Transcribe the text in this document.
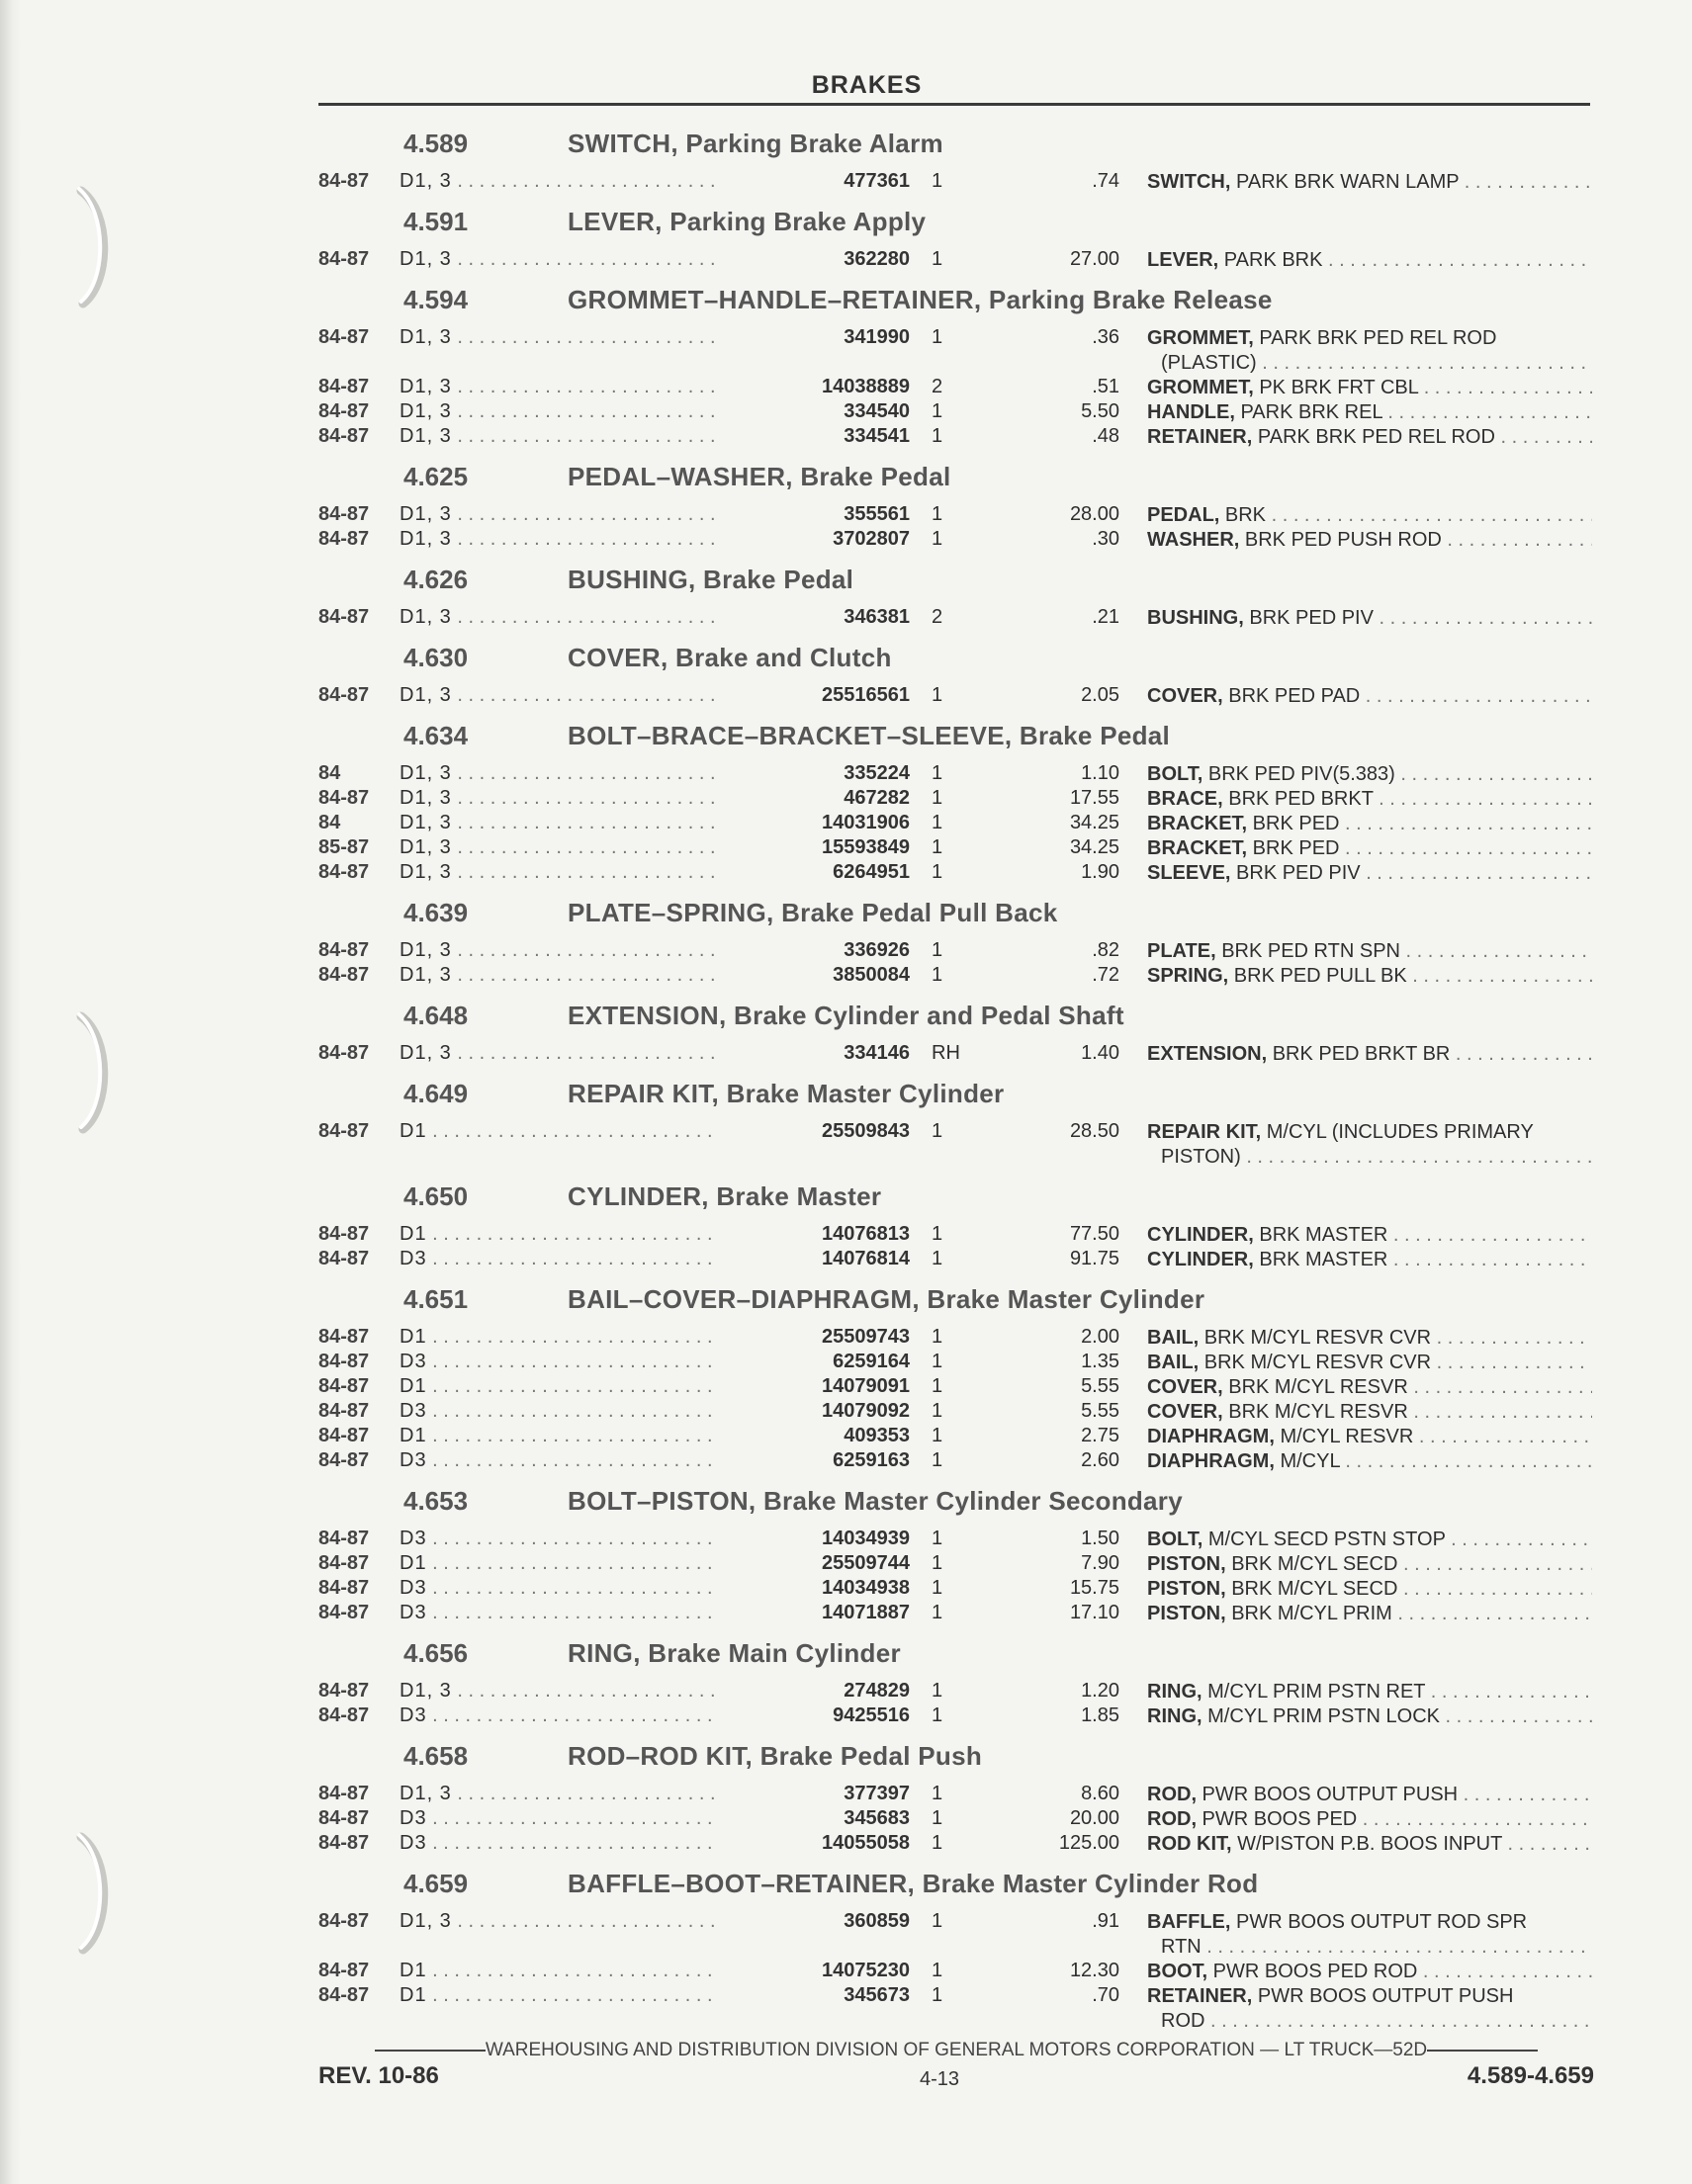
BRAKES
4.589	SWITCH, Parking Brake Alarm
84-87 D1, 3 . . .	477361 1	.74 SWITCH, PARK BRK WARN LAMP . . .
4.591	LEVER, Parking Brake Apply
84-87 D1, 3 . . .	362280 1	27.00 LEVER, PARK BRK . . .
4.594	GROMMET–HANDLE–RETAINER, Parking Brake Release
84-87 D1, 3 . . .	341990 1	.36 GROMMET, PARK BRK PED REL ROD
(PLASTIC) . . .
84-87 D1, 3 . . .	14038889 2	.51 GROMMET, PK BRK FRT CBL . . .
84-87 D1, 3 . . .	334540 1	5.50 HANDLE, PARK BRK REL . . .
84-87 D1, 3 . . .	334541 1	.48 RETAINER, PARK BRK PED REL ROD . . .
4.625	PEDAL–WASHER, Brake Pedal
84-87 D1, 3 . . .	355561 1	28.00 PEDAL, BRK . . .
84-87 D1, 3 . . .	3702807 1	.30 WASHER, BRK PED PUSH ROD . . .
4.626	BUSHING, Brake Pedal
84-87 D1, 3 . . .	346381 2	.21 BUSHING, BRK PED PIV . . .
4.630	COVER, Brake and Clutch
84-87 D1, 3 . . .	25516561 1	2.05 COVER, BRK PED PAD . . .
4.634	BOLT–BRACE–BRACKET–SLEEVE, Brake Pedal
84	D1, 3 . . .	335224 1	1.10 BOLT, BRK PED PIV(5.383) . . .
84-87 D1, 3 . . .	467282 1	17.55 BRACE, BRK PED BRKT . . .
84	D1, 3 . . .	14031906 1	34.25 BRACKET, BRK PED . . .
85-87 D1, 3 . . .	15593849 1	34.25 BRACKET, BRK PED . . .
84-87 D1, 3 . . .	6264951 1	1.90 SLEEVE, BRK PED PIV . . .
4.639	PLATE–SPRING, Brake Pedal Pull Back
84-87 D1, 3 . . .	336926 1	.82 PLATE, BRK PED RTN SPN . . .
84-87 D1, 3 . . .	3850084 1	.72 SPRING, BRK PED PULL BK . . .
4.648	EXTENSION, Brake Cylinder and Pedal Shaft
84-87 D1, 3 . . .	334146 RH	1.40 EXTENSION, BRK PED BRKT BR . . .
4.649	REPAIR KIT, Brake Master Cylinder
84-87 D1 . . .	25509843 1	28.50 REPAIR KIT, M/CYL (INCLUDES PRIMARY
PISTON) . . .
4.650	CYLINDER, Brake Master
84-87 D1 . . .	14076813 1	77.50 CYLINDER, BRK MASTER . . .
84-87 D3 . . .	14076814 1	91.75 CYLINDER, BRK MASTER . . .
4.651	BAIL–COVER–DIAPHRAGM, Brake Master Cylinder
84-87 D1 . . .	25509743 1	2.00 BAIL, BRK M/CYL RESVR CVR . . .
84-87 D3 . . .	6259164 1	1.35 BAIL, BRK M/CYL RESVR CVR . . .
84-87 D1 . . .	14079091 1	5.55 COVER, BRK M/CYL RESVR . . .
84-87 D3 . . .	14079092 1	5.55 COVER, BRK M/CYL RESVR . . .
84-87 D1 . . .	409353 1	2.75 DIAPHRAGM, M/CYL RESVR . . .
84-87 D3 . . .	6259163 1	2.60 DIAPHRAGM, M/CYL . . .
4.653	BOLT–PISTON, Brake Master Cylinder Secondary
84-87 D3 . . .	14034939 1	1.50 BOLT, M/CYL SECD PSTN STOP . . .
84-87 D1 . . .	25509744 1	7.90 PISTON, BRK M/CYL SECD . . .
84-87 D3 . . .	14034938 1	15.75 PISTON, BRK M/CYL SECD . . .
84-87 D3 . . .	14071887 1	17.10 PISTON, BRK M/CYL PRIM . . .
4.656	RING, Brake Main Cylinder
84-87 D1, 3 . . .	274829 1	1.20 RING, M/CYL PRIM PSTN RET . . .
84-87 D3 . . .	9425516 1	1.85 RING, M/CYL PRIM PSTN LOCK . . .
4.658	ROD–ROD KIT, Brake Pedal Push
84-87 D1, 3 . . .	377397 1	8.60 ROD, PWR BOOS OUTPUT PUSH . . .
84-87 D3 . . .	345683 1	20.00 ROD, PWR BOOS PED . . .
84-87 D3 . . .	14055058 1	125.00 ROD KIT, W/PISTON P.B. BOOS INPUT . . .
4.659	BAFFLE–BOOT–RETAINER, Brake Master Cylinder Rod
84-87 D1, 3 . . .	360859 1	.91 BAFFLE, PWR BOOS OUTPUT ROD SPR
RTN . . .
84-87 D1 . . .	14075230 1	12.30 BOOT, PWR BOOS PED ROD . . .
84-87 D1 . . .	345673 1	.70 RETAINER, PWR BOOS OUTPUT PUSH
ROD . . .
WAREHOUSING AND DISTRIBUTION DIVISION OF GENERAL MOTORS CORPORATION — LT TRUCK—52D
REV. 10-86	4-13	4.589-4.659
